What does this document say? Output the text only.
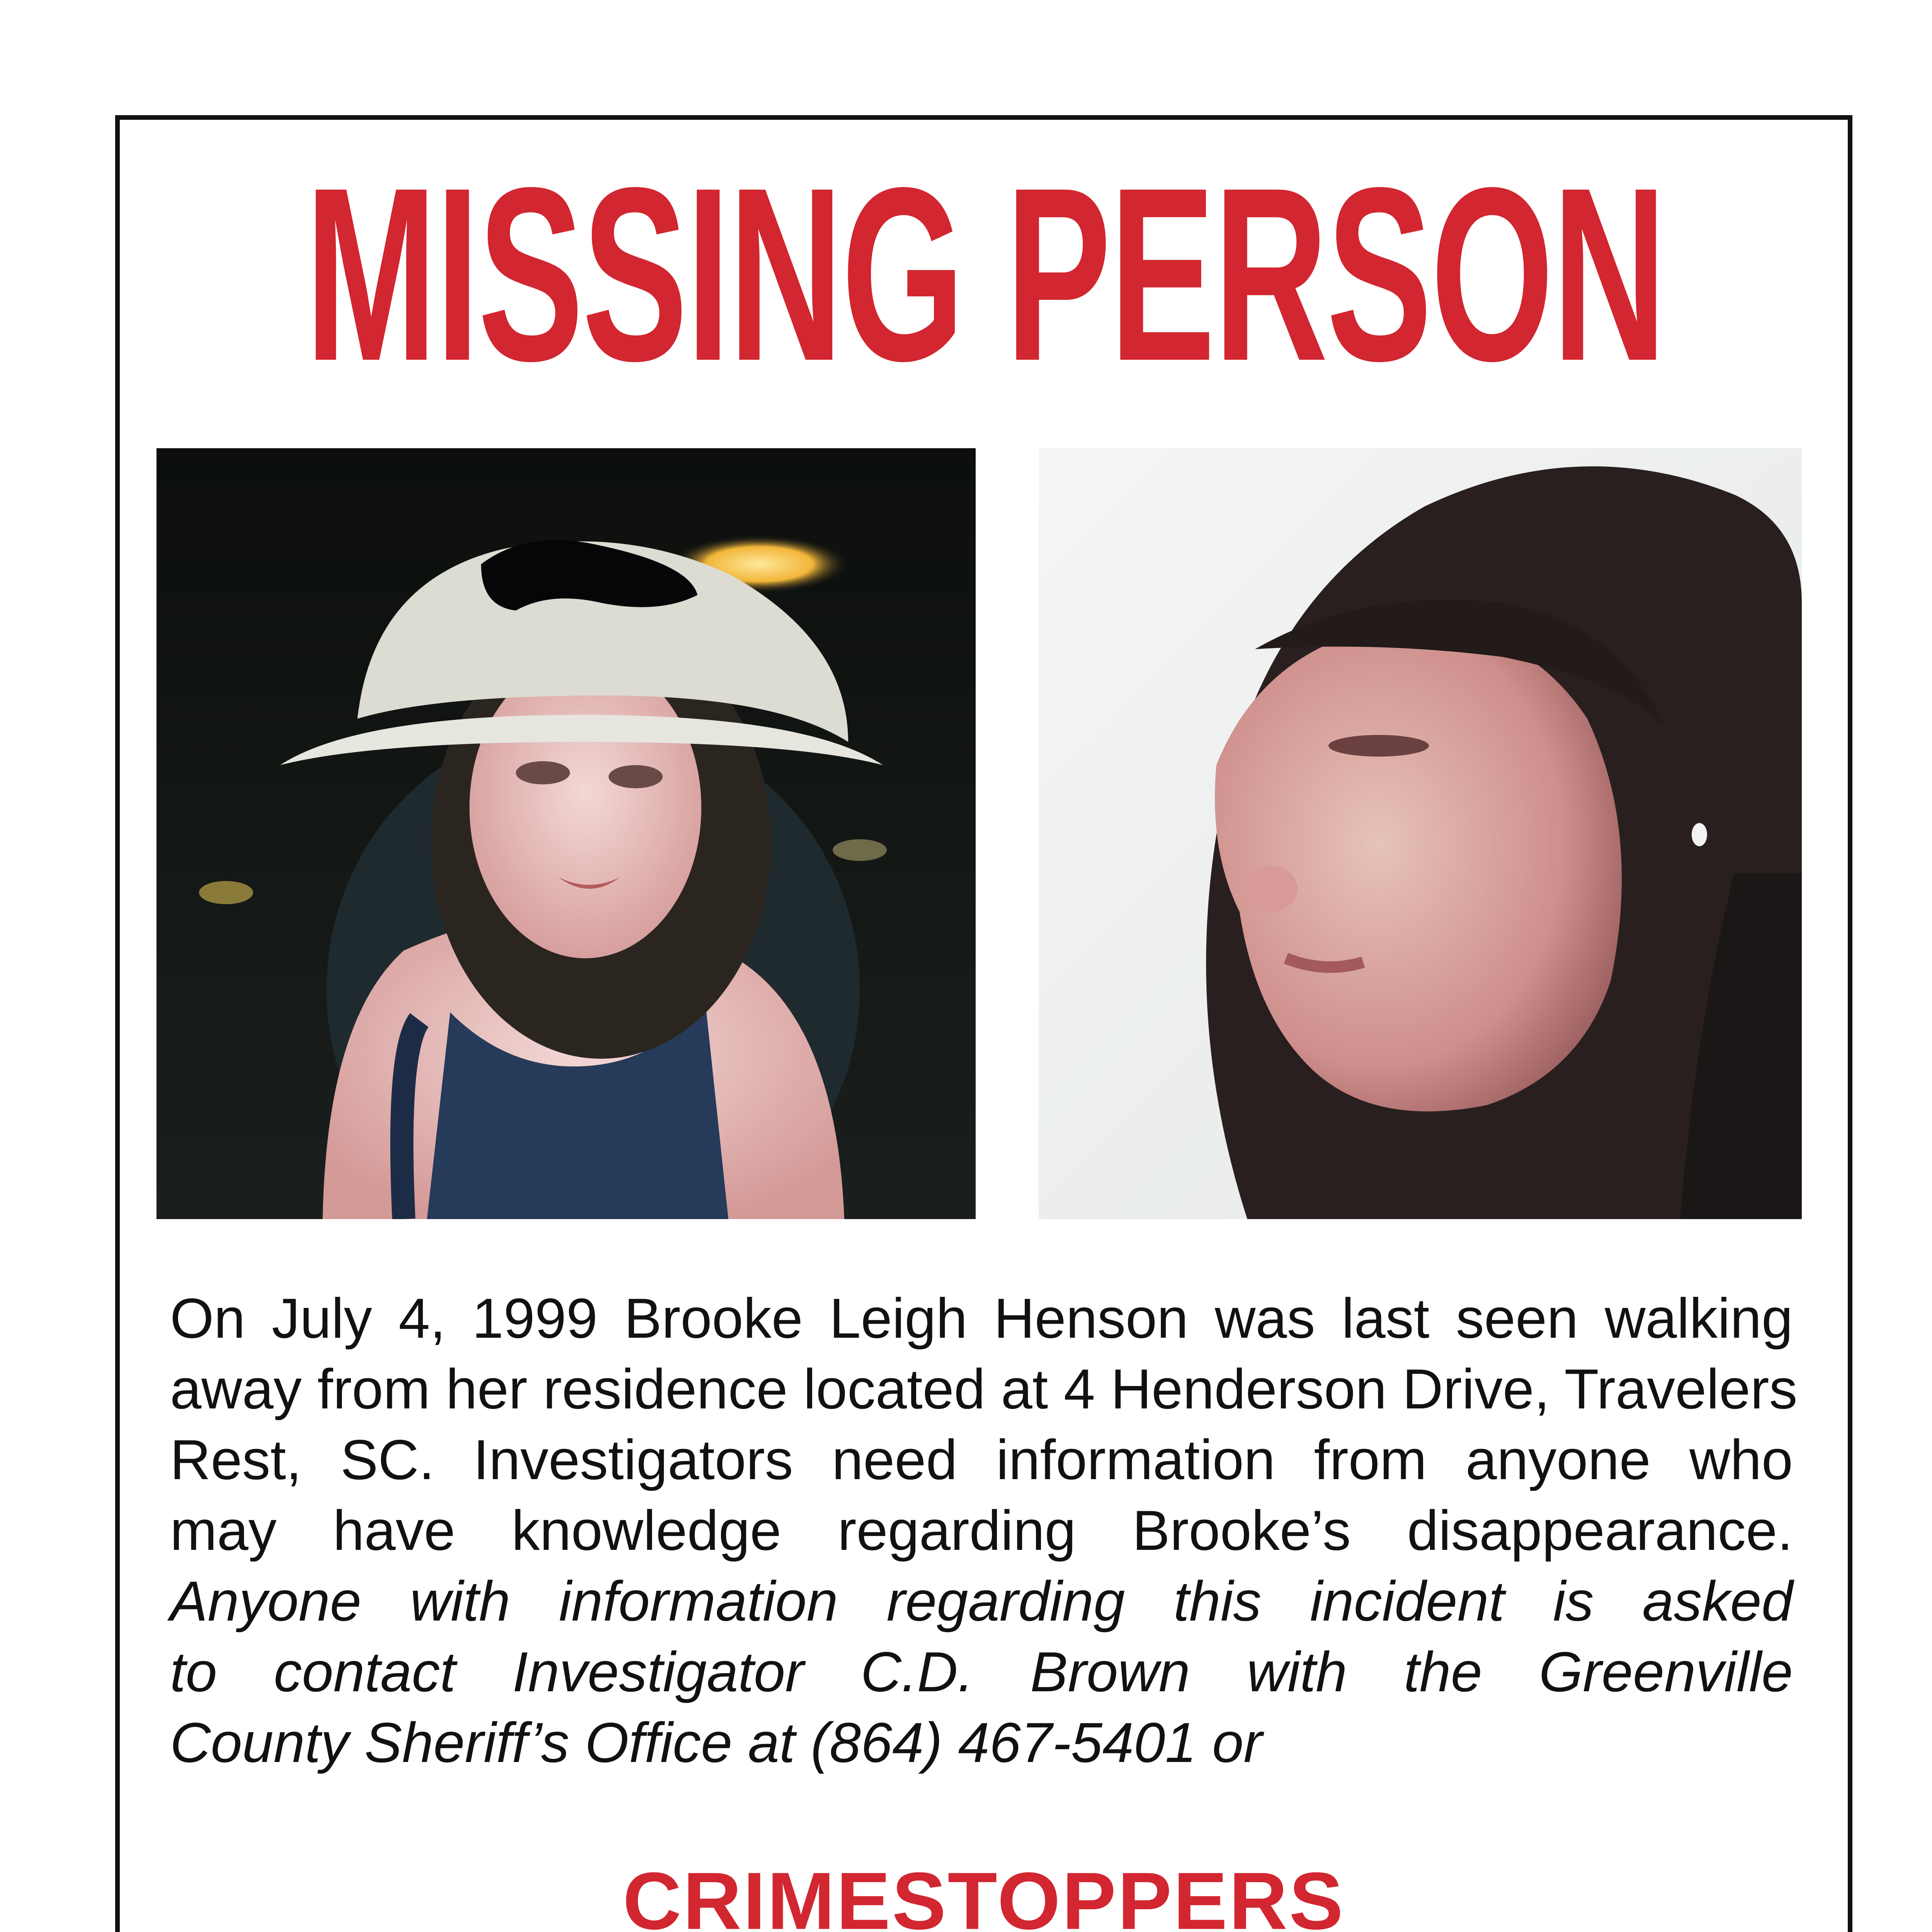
MISSING PERSON
On July 4, 1999 Brooke Leigh Henson was last seen walking
away from her residence located at 4 Henderson Drive, Travelers
Rest, SC. Investigators need information from anyone who
may have knowledge regarding Brooke’s disappearance.
Anyone with information regarding this incident is asked
to contact Investigator C.D. Brown with the Greenville
County Sheriff’s Office at (864) 467-5401 or
CRIMESTOPPERS
